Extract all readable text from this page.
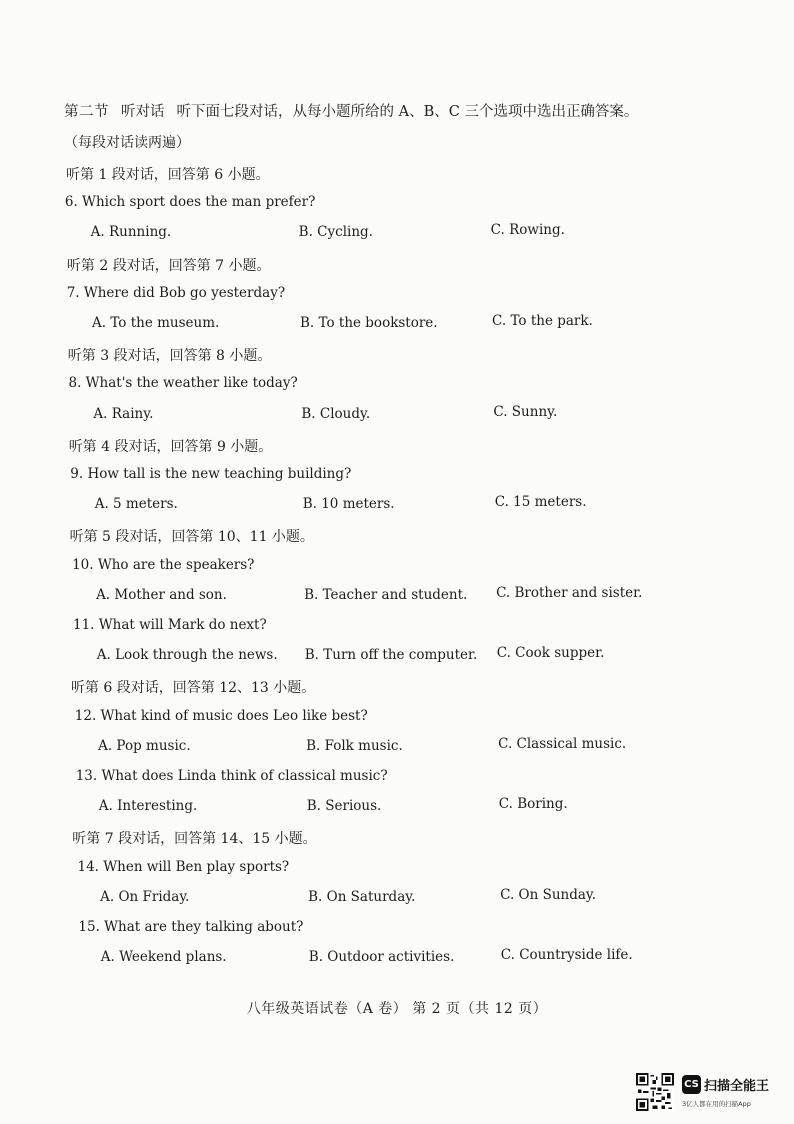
第二节 听对话 听下面七段对话，从每小题所给的 A、B、C 三个选项中选出正确答案。
（每段对话读两遍）
听第 1 段对话，回答第 6 小题。
6. Which sport does the man prefer?
A. Running.	B. Cycling.	C. Rowing.
听第 2 段对话，回答第 7 小题。
7. Where did Bob go yesterday?
A. To the museum.	B. To the bookstore.	C. To the park.
听第 3 段对话，回答第 8 小题。
8. What's the weather like today?
A. Rainy.	B. Cloudy.	C. Sunny.
听第 4 段对话，回答第 9 小题。
9. How tall is the new teaching building?
A. 5 meters.	B. 10 meters.	C. 15 meters.
听第 5 段对话，回答第 10、11 小题。
10. Who are the speakers?
A. Mother and son.	B. Teacher and student. C. Brother and sister.
11. What will Mark do next?
A. Look through the news. B. Turn off the computer. C. Cook supper.
听第 6 段对话，回答第 12、13 小题。
12. What kind of music does Leo like best?
A. Pop music.	B. Folk music.	C. Classical music.
13. What does Linda think of classical music?
A. Interesting.	B. Serious.	C. Boring.
听第 7 段对话，回答第 14、15 小题。
14. When will Ben play sports?
A. On Friday.	B. On Saturday.	C. On Sunday.
15. What are they talking about?
A. Weekend plans.	B. Outdoor activities.	C. Countryside life.
八年级英语试卷（A 卷） 第 2 页（共 12 页）
CS 扫描全能王
3亿人都在用的扫描App
